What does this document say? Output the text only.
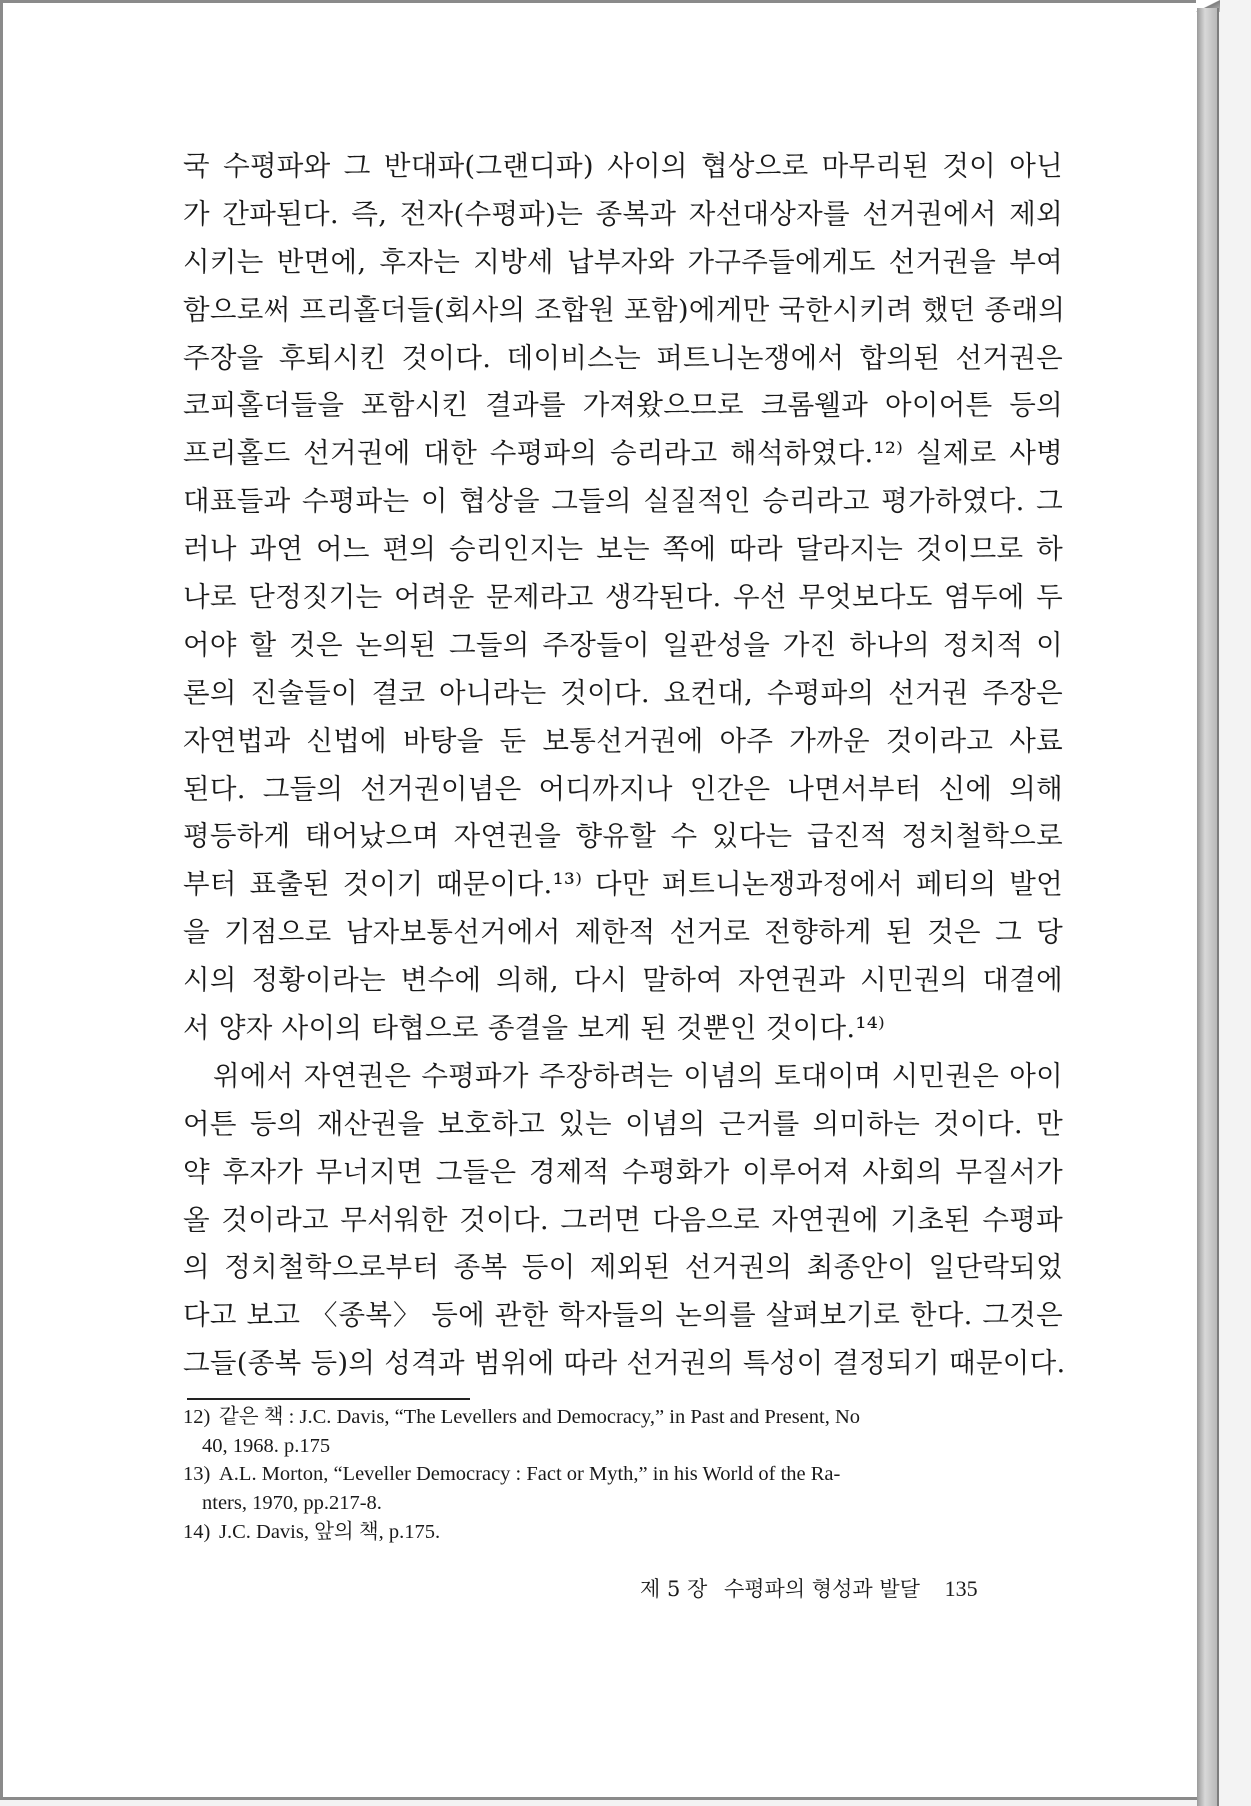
국 수평파와 그 반대파(그랜디파) 사이의 협상으로 마무리된 것이 아닌
가 간파된다. 즉, 전자(수평파)는 종복과 자선대상자를 선거권에서 제외
시키는 반면에, 후자는 지방세 납부자와 가구주들에게도 선거권을 부여
함으로써 프리홀더들(회사의 조합원 포함)에게만 국한시키려 했던 종래의
주장을 후퇴시킨 것이다. 데이비스는 퍼트니논쟁에서 합의된 선거권은
코피홀더들을 포함시킨 결과를 가져왔으므로 크롬웰과 아이어튼 등의
프리홀드 선거권에 대한 수평파의 승리라고 해석하였다.¹²⁾ 실제로 사병
대표들과 수평파는 이 협상을 그들의 실질적인 승리라고 평가하였다. 그
러나 과연 어느 편의 승리인지는 보는 쪽에 따라 달라지는 것이므로 하
나로 단정짓기는 어려운 문제라고 생각된다. 우선 무엇보다도 염두에 두
어야 할 것은 논의된 그들의 주장들이 일관성을 가진 하나의 정치적 이
론의 진술들이 결코 아니라는 것이다. 요컨대, 수평파의 선거권 주장은
자연법과 신법에 바탕을 둔 보통선거권에 아주 가까운 것이라고 사료
된다. 그들의 선거권이념은 어디까지나 인간은 나면서부터 신에 의해
평등하게 태어났으며 자연권을 향유할 수 있다는 급진적 정치철학으로
부터 표출된 것이기 때문이다.¹³⁾ 다만 퍼트니논쟁과정에서 페티의 발언
을 기점으로 남자보통선거에서 제한적 선거로 전향하게 된 것은 그 당
시의 정황이라는 변수에 의해, 다시 말하여 자연권과 시민권의 대결에
서 양자 사이의 타협으로 종결을 보게 된 것뿐인 것이다.¹⁴⁾
위에서 자연권은 수평파가 주장하려는 이념의 토대이며 시민권은 아이
어튼 등의 재산권을 보호하고 있는 이념의 근거를 의미하는 것이다. 만
약 후자가 무너지면 그들은 경제적 수평화가 이루어져 사회의 무질서가
올 것이라고 무서워한 것이다. 그러면 다음으로 자연권에 기초된 수평파
의 정치철학으로부터 종복 등이 제외된 선거권의 최종안이 일단락되었
다고 보고 〈종복〉 등에 관한 학자들의 논의를 살펴보기로 한다. 그것은
그들(종복 등)의 성격과 범위에 따라 선거권의 특성이 결정되기 때문이다.
12) 같은 책 : J.C. Davis, “The Levellers and Democracy,” in Past and Present, No
40, 1968. p.175
13) A.L. Morton, “Leveller Democracy : Fact or Myth,” in his World of the Ra-
nters, 1970, pp.217-8.
14) J.C. Davis, 앞의 책, p.175.
제 5 장 수평파의 형성과 발달 135
